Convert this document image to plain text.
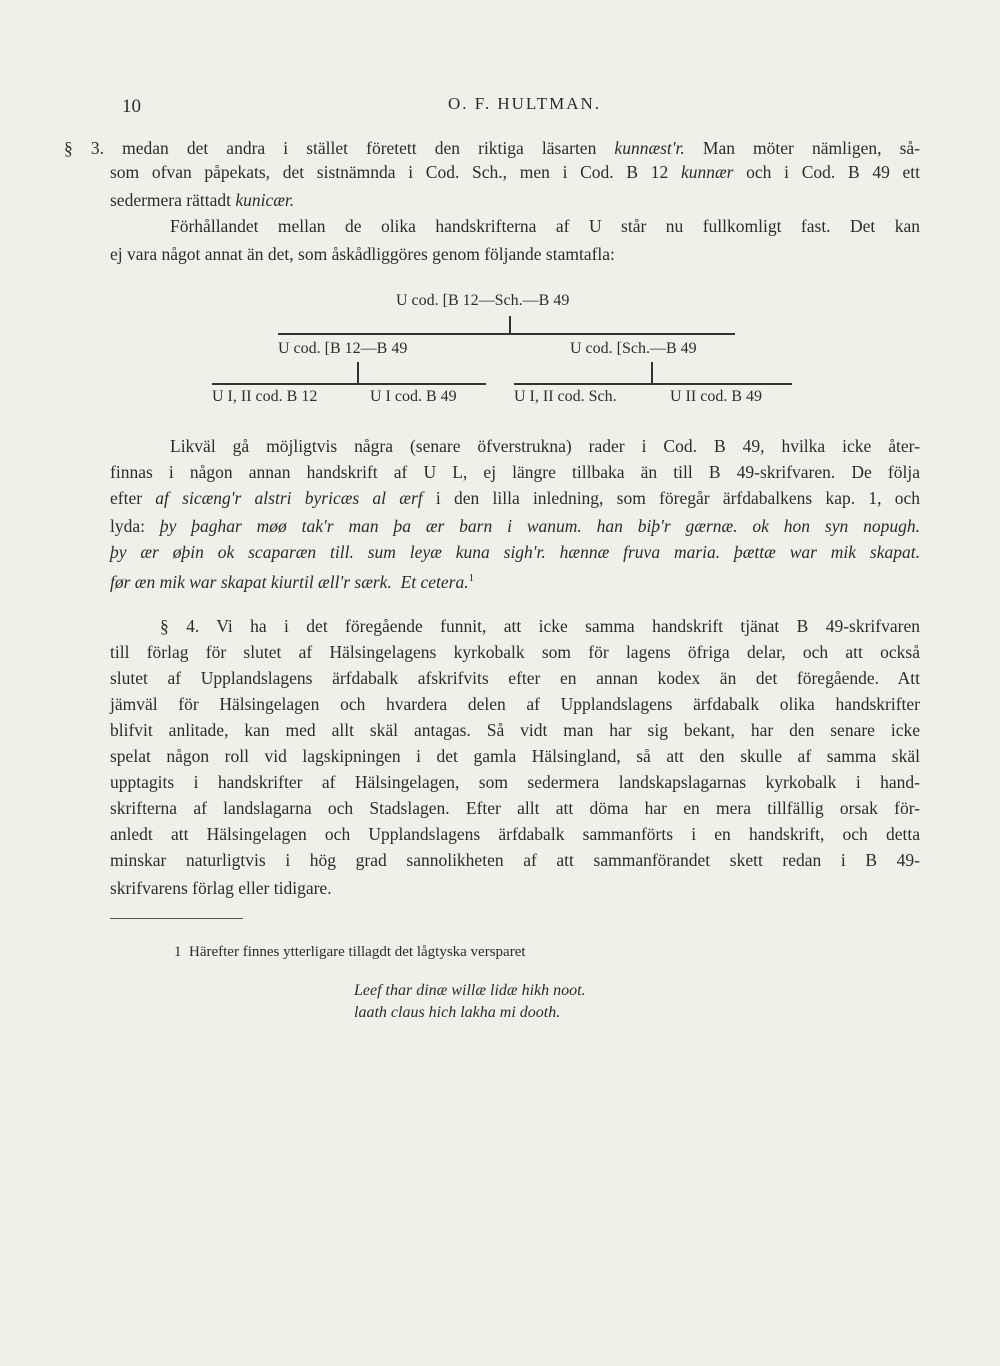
10	O. F. HULTMAN.
§ 3. medan det andra i stället företett den riktiga läsarten kunnæst'r. Man möter nämligen, så-
som ofvan påpekats, det sistnämnda i Cod. Sch., men i Cod. B 12 kunnær och i Cod. B 49 ett
sedermera rättadt kunicær.
Förhållandet mellan de olika handskrifterna af U står nu fullkomligt fast. Det kan
ej vara något annat än det, som åskådliggöres genom följande stamtafla:
U cod. [B 12—Sch.—B 49
U cod. [B 12—B 49	U cod. [Sch.—B 49
U I, II cod. B 12	U I cod. B 49	U I, II cod. Sch.	U II cod. B 49
Likväl gå möjligtvis några (senare öfverstrukna) rader i Cod. B 49, hvilka icke åter-
finnas i någon annan handskrift af U L, ej längre tillbaka än till B 49-skrifvaren. De följa
efter af sicæng'r alstri byricæs al ærf i den lilla inledning, som föregår ärfdabalkens kap. 1, och
lyda: þy þaghar møø tak'r man þa ær barn i wanum. han biþ'r gærnæ. ok hon syn nopugh.
þy ær øþin ok scaparæn till. sum leyæ kuna sigh'r. hænnæ fruva maria. þættæ war mik skapat.
før æn mik war skapat kiurtil æll'r særk. Et cetera.$^1$
§ 4. Vi ha i det föregående funnit, att icke samma handskrift tjänat B 49-skrifvaren
till förlag för slutet af Hälsingelagens kyrkobalk som för lagens öfriga delar, och att också
slutet af Upplandslagens ärfdabalk afskrifvits efter en annan kodex än det föregående. Att
jämväl för Hälsingelagen och hvardera delen af Upplandslagens ärfdabalk olika handskrifter
blifvit anlitade, kan med allt skäl antagas. Så vidt man har sig bekant, har den senare icke
spelat någon roll vid lagskipningen i det gamla Hälsingland, så att den skulle af samma skäl
upptagits i handskrifter af Hälsingelagen, som sedermera landskapslagarnas kyrkobalk i hand-
skrifterna af landslagarna och Stadslagen. Efter allt att döma har en mera tillfällig orsak för-
anledt att Hälsingelagen och Upplandslagens ärfdabalk sammanförts i en handskrift, och detta
minskar naturligtvis i hög grad sannolikheten af att sammanförandet skett redan i B 49-
skrifvarens förlag eller tidigare.
1 Härefter finnes ytterligare tillagdt det lågtyska versparet
Leef thar dinæ willæ lidæ hikh noot.
laath claus hich lakha mi dooth.
